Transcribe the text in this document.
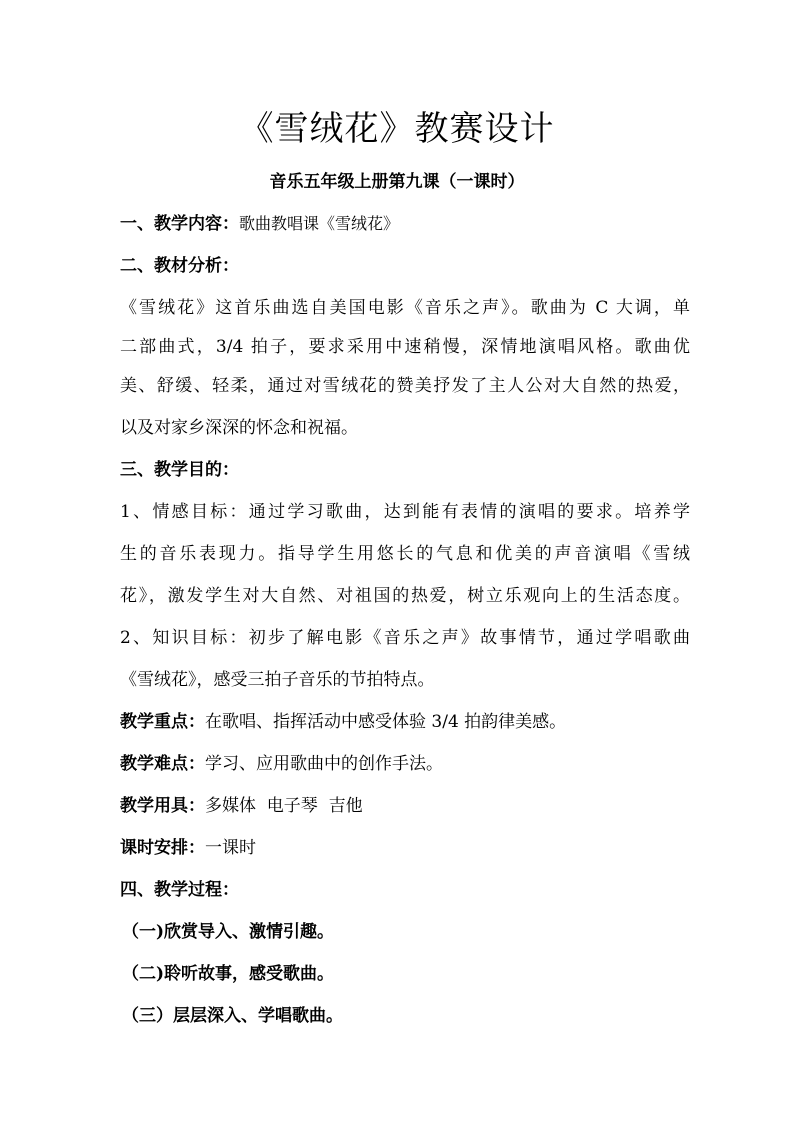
《雪绒花》教赛设计
音乐五年级上册第九课（一课时）
一、教学内容：歌曲教唱课《雪绒花》
二、教材分析：
《雪绒花》这首乐曲选自美国电影《音乐之声》。歌曲为 C 大调，单
二部曲式，3/4 拍子，要求采用中速稍慢，深情地演唱风格。歌曲优
美、舒缓、轻柔，通过对雪绒花的赞美抒发了主人公对大自然的热爱，
以及对家乡深深的怀念和祝福。
三、教学目的：
1、情感目标：通过学习歌曲，达到能有表情的演唱的要求。培养学
生的音乐表现力。指导学生用悠长的气息和优美的声音演唱《雪绒
花》，激发学生对大自然、对祖国的热爱，树立乐观向上的生活态度。
2、知识目标：初步了解电影《音乐之声》故事情节，通过学唱歌曲
《雪绒花》，感受三拍子音乐的节拍特点。
教学重点：在歌唱、指挥活动中感受体验 3/4 拍韵律美感。
教学难点：学习、应用歌曲中的创作手法。
教学用具：多媒体  电子琴  吉他
课时安排：一课时
四、教学过程：
（一)欣赏导入、激情引趣。
（二)聆听故事，感受歌曲。
（三）层层深入、学唱歌曲。
